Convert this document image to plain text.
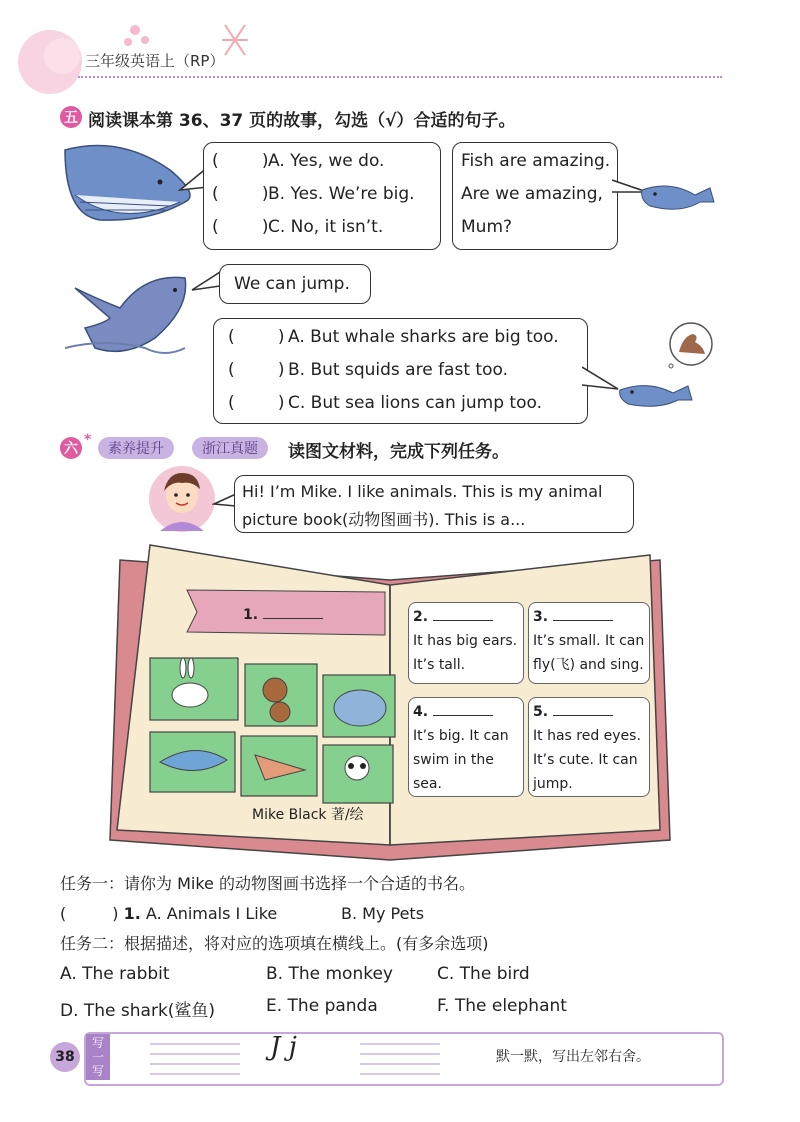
三年级英语上（RP）
五 阅读课本第 36、37 页的故事，勾选（√）合适的句子。
(        )A. Yes, we do.
(        )B. Yes. We’re big.
(        )C. No, it isn’t.
Fish are amazing.
Are we amazing,
Mum?
We can jump.
(        ) A. But whale sharks are big too.
(        ) B. But squids are fast too.
(        ) C. But sea lions can jump too.
六
*
素养提升	浙江真题	读图文材料，完成下列任务。
Hi! I’m Mike. I like animals. This is my animal
picture book(动物图画书). This is a...
1.
Mike Black 著/绘
2.
It has big ears.
It’s tall.
3.
It’s small. It can
fly(飞) and sing.
4.
It’s big. It can
swim in the
sea.
5.
It has red eyes.
It’s cute. It can
jump.
任务一：请你为 Mike 的动物图画书选择一个合适的书名。
(	) 1. A. Animals I Like	B. My Pets
任务二：根据描述，将对应的选项填在横线上。(有多余选项)
A. The rabbit	B. The monkey	C. The bird
D. The shark(鲨鱼)	E. The panda	F. The elephant
38
写
一
写
J j	默一默，写出左邻右舍。
